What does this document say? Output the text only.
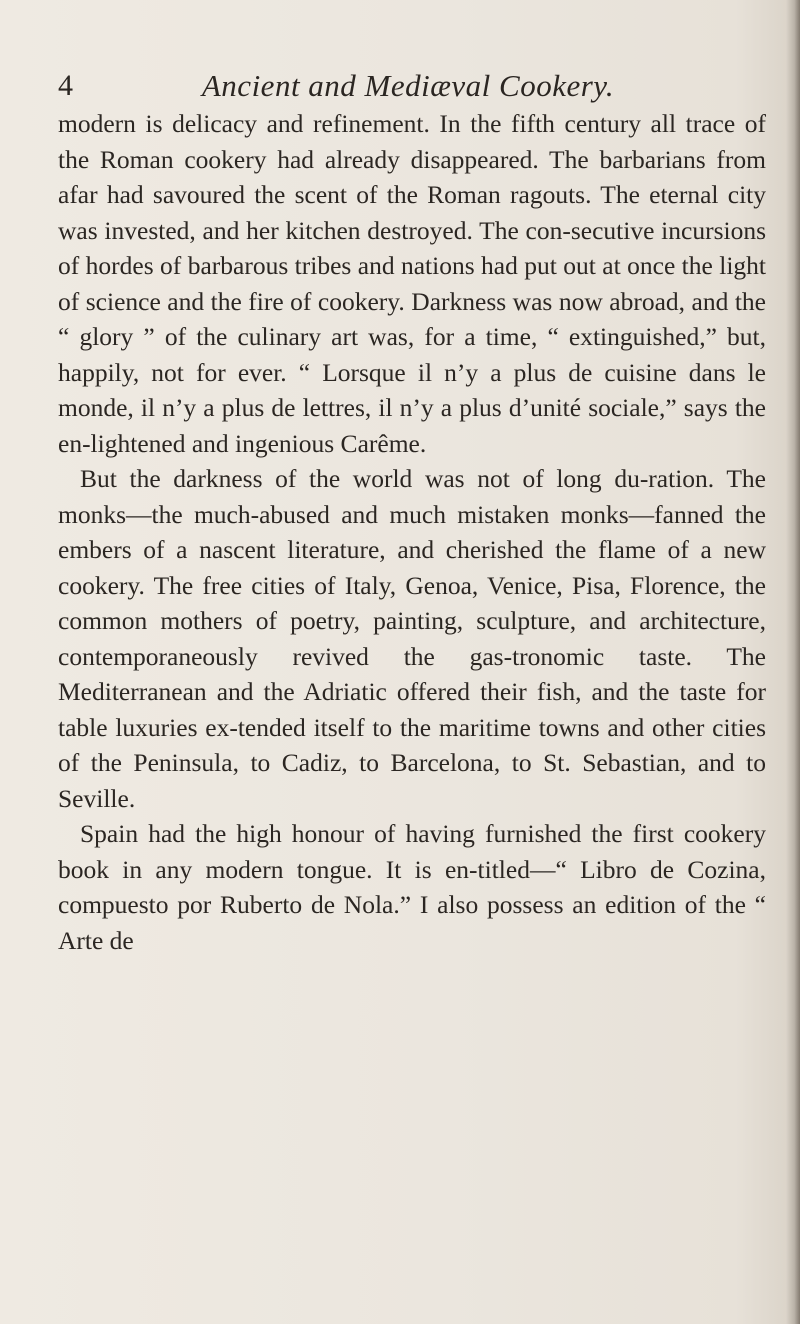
4	Ancient and Mediæval Cookery.

modern is delicacy and refinement. In the fifth century all trace of the Roman cookery had already disappeared. The barbarians from afar had savoured the scent of the Roman ragouts. The eternal city was invested, and her kitchen destroyed. The con-secutive incursions of hordes of barbarous tribes and nations had put out at once the light of science and the fire of cookery. Darkness was now abroad, and the “ glory ” of the culinary art was, for a time, “ extinguished,” but, happily, not for ever. “ Lorsque il n’y a plus de cuisine dans le monde, il n’y a plus de lettres, il n’y a plus d’unité sociale,” says the en-lightened and ingenious Carême.

But the darkness of the world was not of long du-ration. The monks—the much-abused and much mistaken monks—fanned the embers of a nascent literature, and cherished the flame of a new cookery. The free cities of Italy, Genoa, Venice, Pisa, Florence, the common mothers of poetry, painting, sculpture, and architecture, contemporaneously revived the gas-tronomic taste. The Mediterranean and the Adriatic offered their fish, and the taste for table luxuries ex-tended itself to the maritime towns and other cities of the Peninsula, to Cadiz, to Barcelona, to St. Sebastian, and to Seville.

Spain had the high honour of having furnished the first cookery book in any modern tongue. It is en-titled—“ Libro de Cozina, compuesto por Ruberto de Nola.” I also possess an edition of the “ Arte de
